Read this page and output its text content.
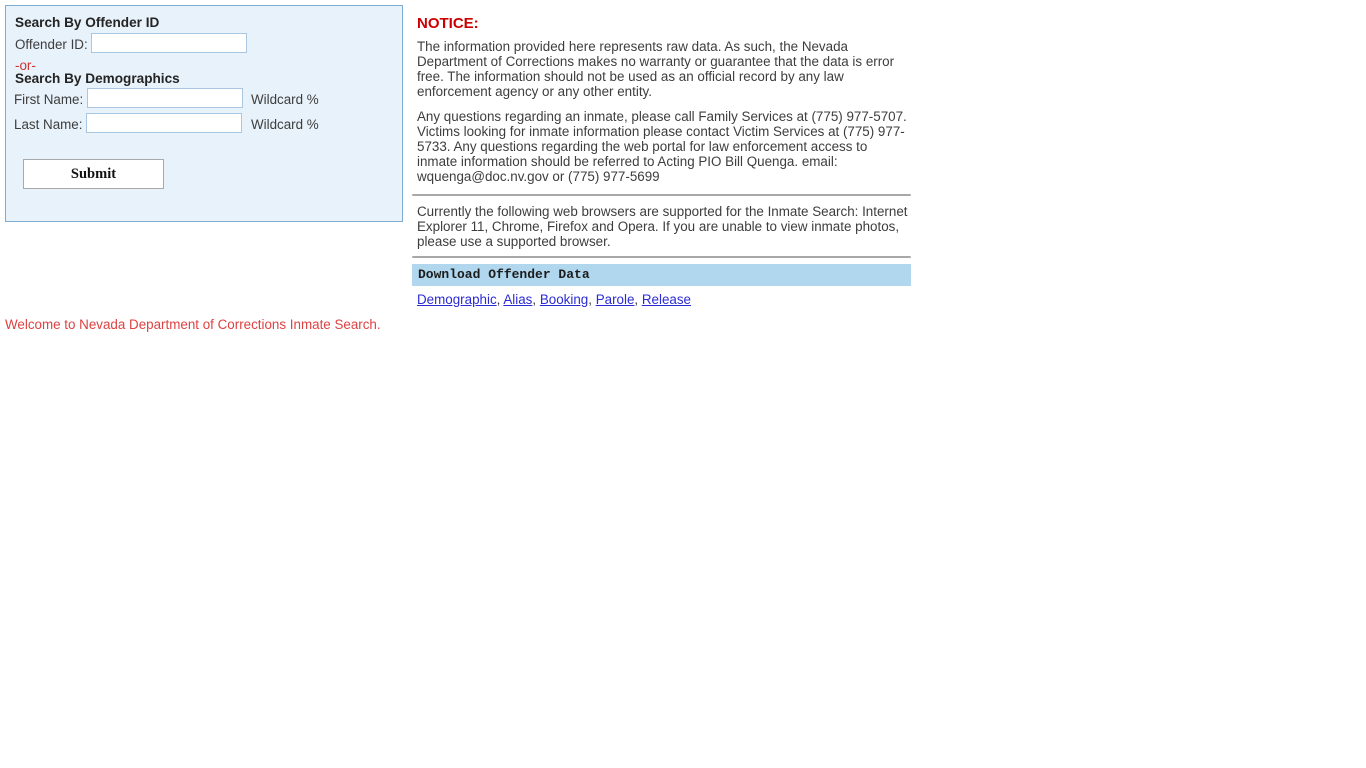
Search By Offender ID
Offender ID:
-or-
Search By Demographics
First Name:	Wildcard %
Last Name:	Wildcard %
Submit
NOTICE:

The information provided here represents raw data. As such, the Nevada Department of Corrections makes no warranty or guarantee that the data is error free. The information should not be used as an official record by any law enforcement agency or any other entity.

Any questions regarding an inmate, please call Family Services at (775) 977-5707. Victims looking for inmate information please contact Victim Services at (775) 977-5733. Any questions regarding the web portal for law enforcement access to inmate information should be referred to Acting PIO Bill Quenga. email: wquenga@doc.nv.gov or (775) 977-5699

Currently the following web browsers are supported for the Inmate Search: Internet Explorer 11, Chrome, Firefox and Opera. If you are unable to view inmate photos, please use a supported browser.

Download Offender Data
Demographic, Alias, Booking, Parole, Release
Welcome to Nevada Department of Corrections Inmate Search.
